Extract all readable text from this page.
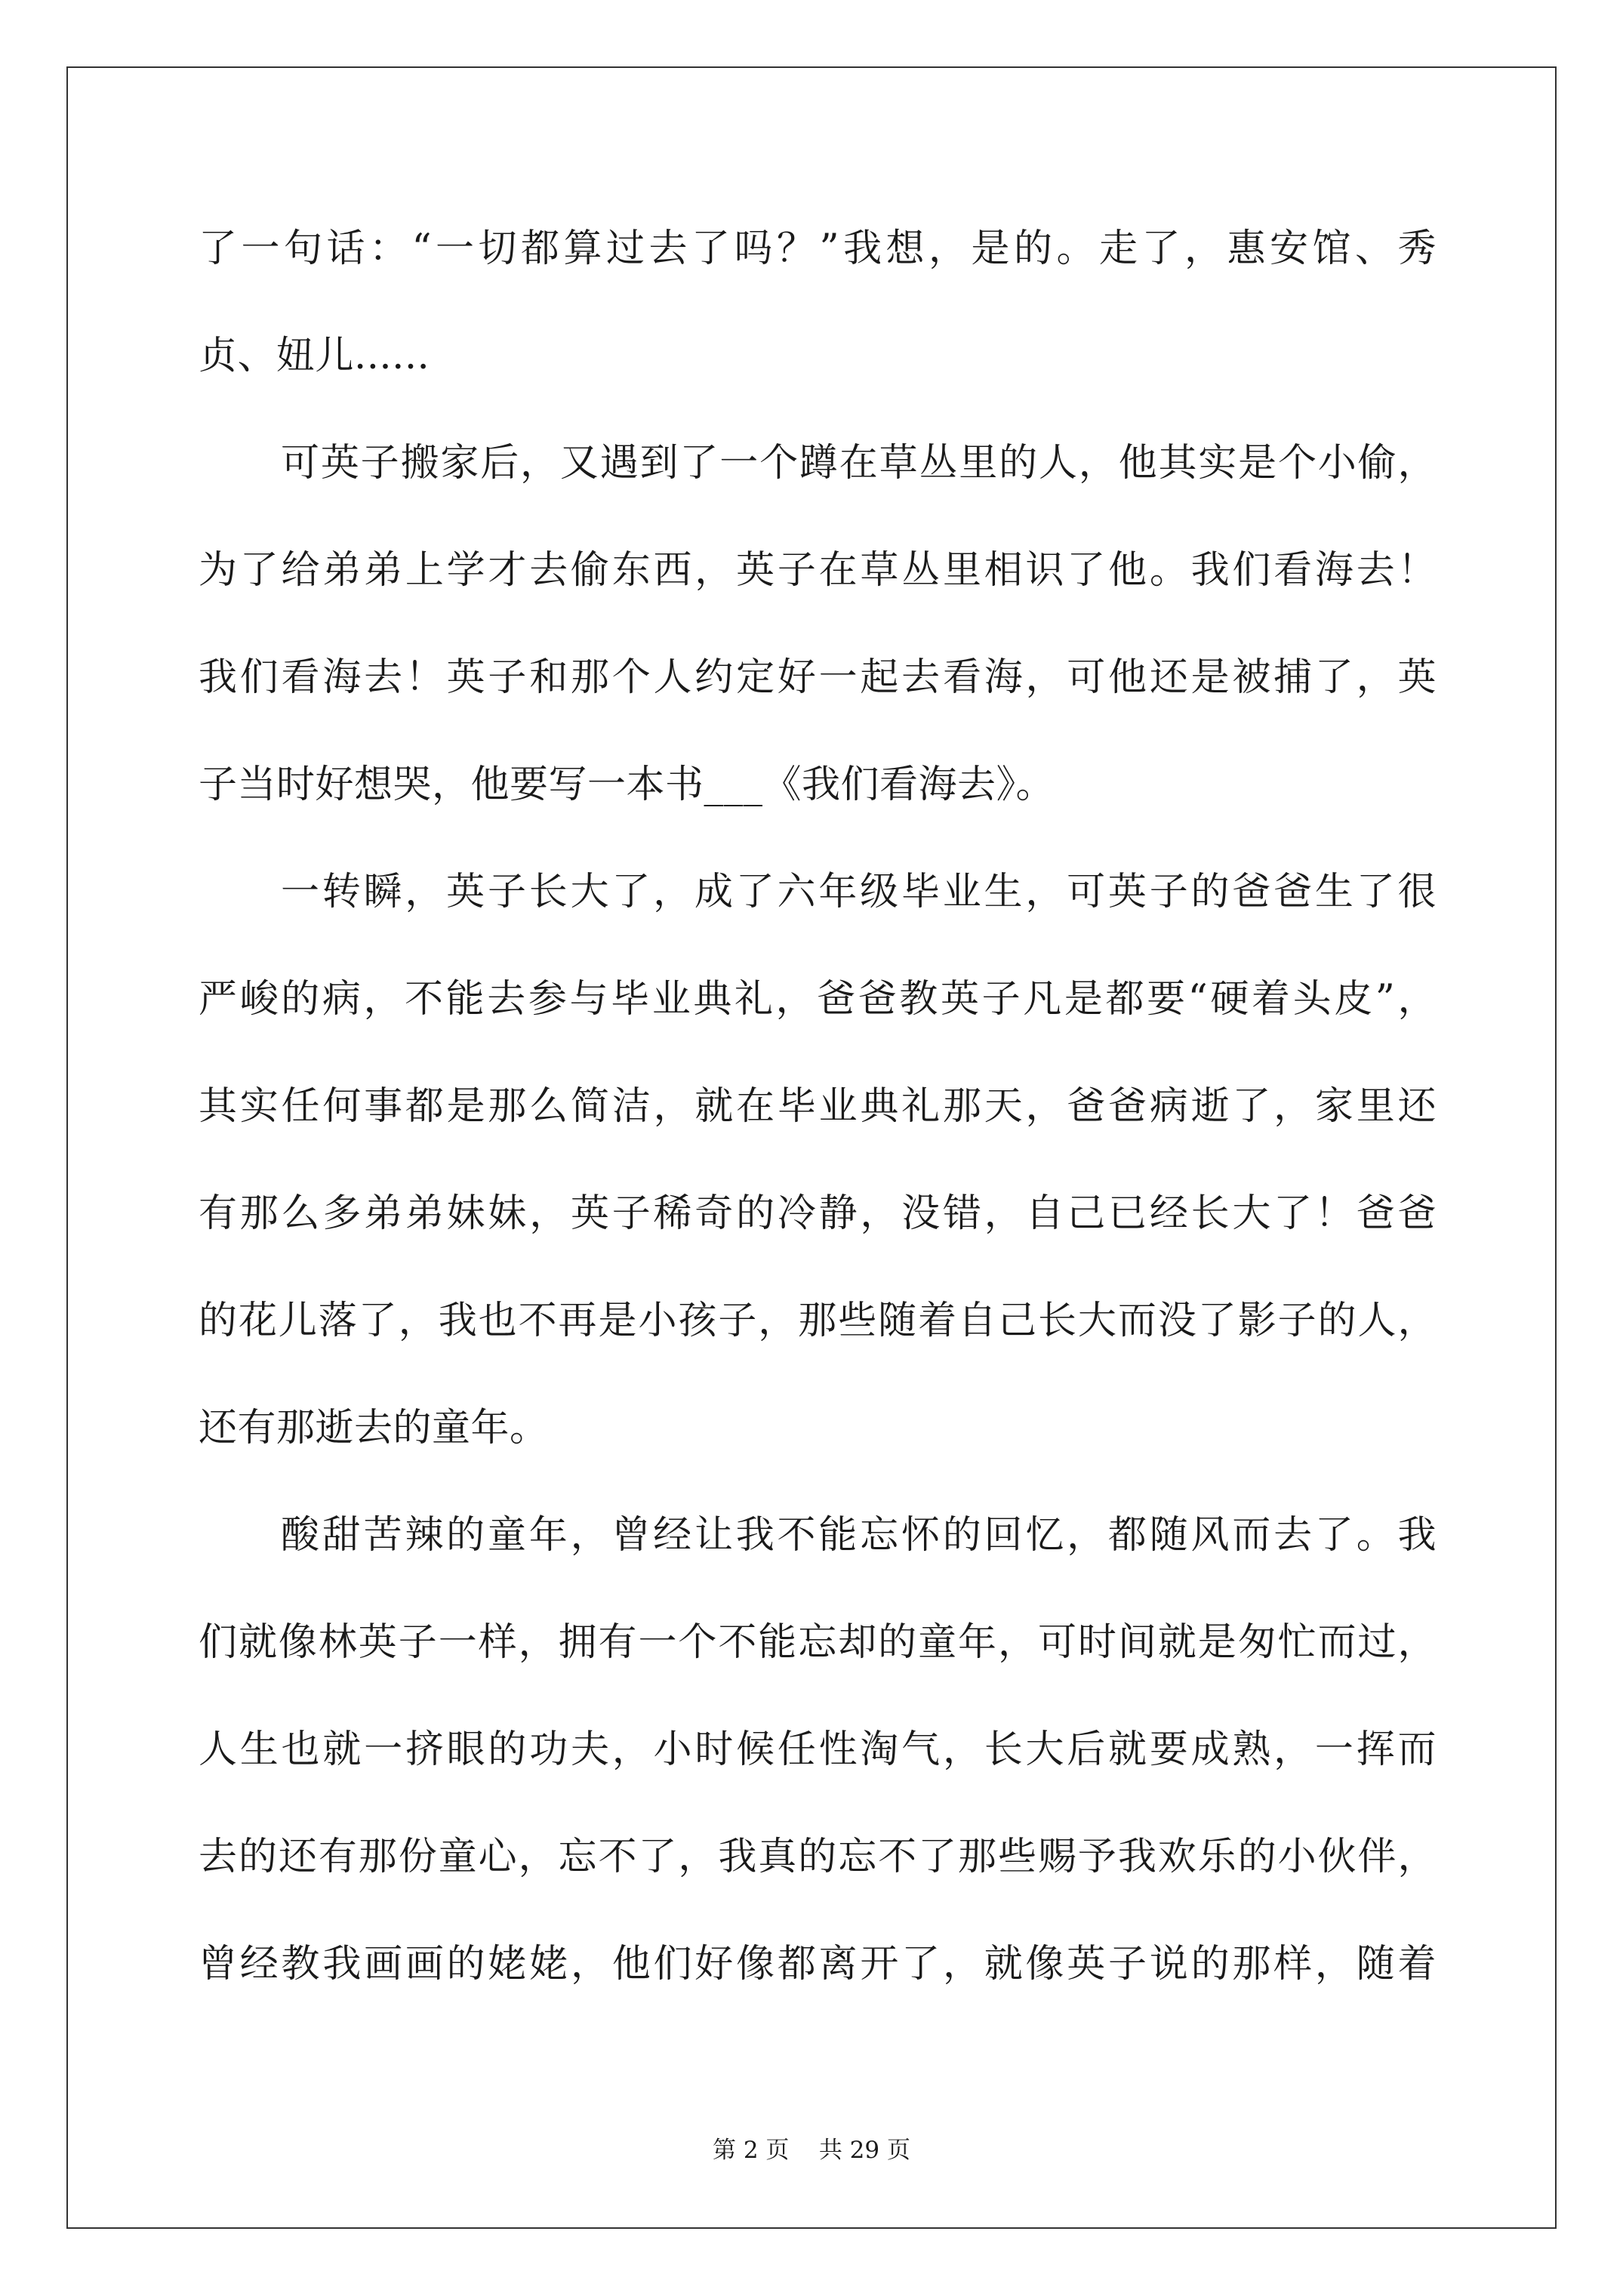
了一句话：“一切都算过去了吗？”我想，是的。走了，惠安馆、秀
贞、妞儿......
可英子搬家后，又遇到了一个蹲在草丛里的人，他其实是个小偷，
为了给弟弟上学才去偷东西，英子在草丛里相识了他。我们看海去！
我们看海去！英子和那个人约定好一起去看海，可他还是被捕了，英
子当时好想哭，他要写一本书___《我们看海去》。
一转瞬，英子长大了，成了六年级毕业生，可英子的爸爸生了很
严峻的病，不能去参与毕业典礼，爸爸教英子凡是都要“硬着头皮”，
其实任何事都是那么简洁，就在毕业典礼那天，爸爸病逝了，家里还
有那么多弟弟妹妹，英子稀奇的冷静，没错，自己已经长大了！爸爸
的花儿落了，我也不再是小孩子，那些随着自己长大而没了影子的人，
还有那逝去的童年。
酸甜苦辣的童年，曾经让我不能忘怀的回忆，都随风而去了。我
们就像林英子一样，拥有一个不能忘却的童年，可时间就是匆忙而过，
人生也就一挤眼的功夫，小时候任性淘气，长大后就要成熟，一挥而
去的还有那份童心，忘不了，我真的忘不了那些赐予我欢乐的小伙伴，
曾经教我画画的姥姥，他们好像都离开了，就像英子说的那样，随着
第 2 页    共 29 页
